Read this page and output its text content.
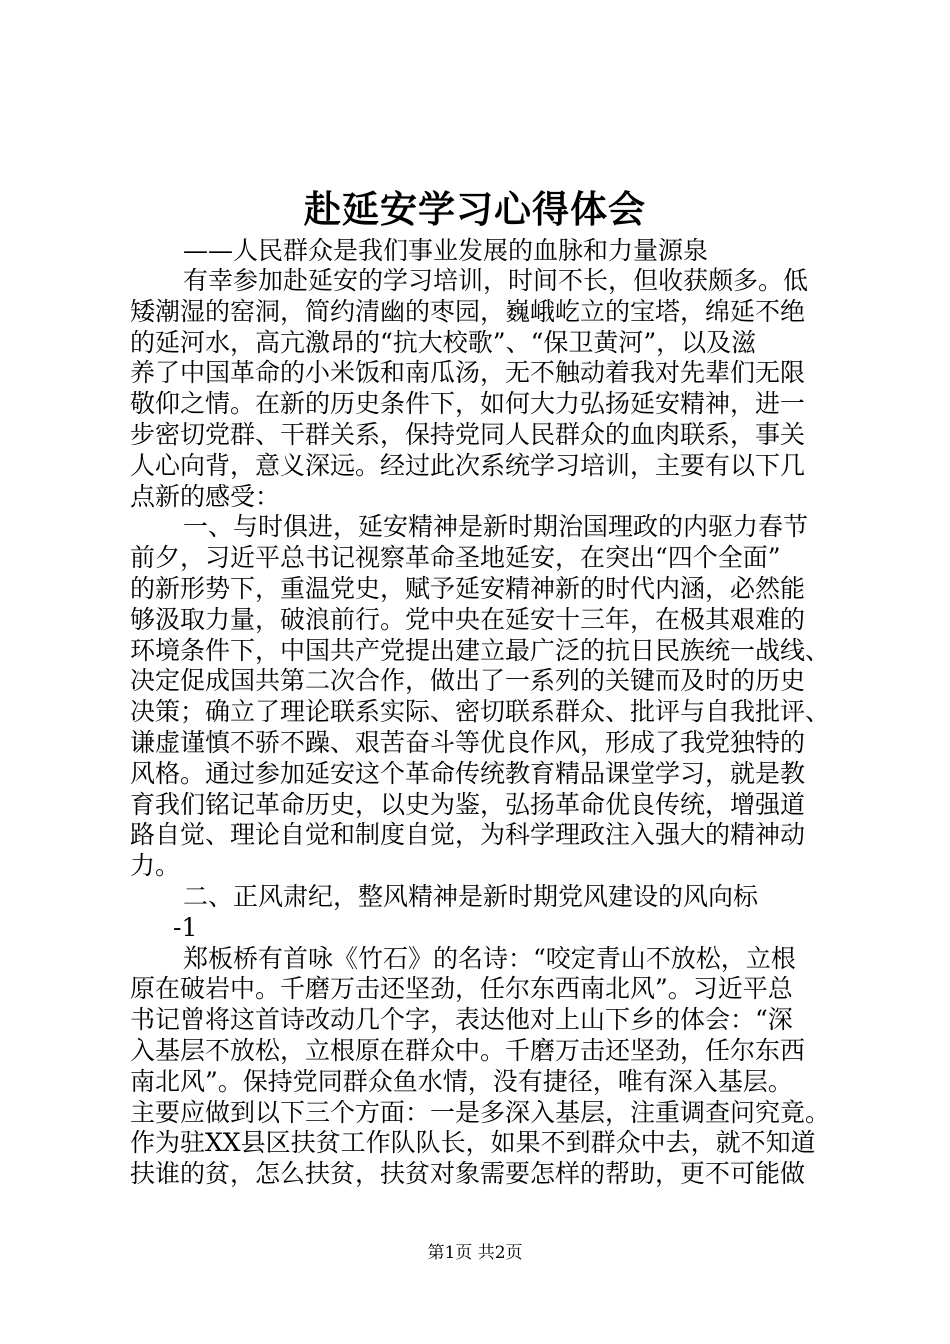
赴延安学习心得体会
——人民群众是我们事业发展的血脉和力量源泉
有幸参加赴延安的学习培训，时间不长，但收获颇多。低
矮潮湿的窑洞，简约清幽的枣园，巍峨屹立的宝塔，绵延不绝
的延河水，高亢激昂的“抗大校歌”、“保卫黄河”，以及滋
养了中国革命的小米饭和南瓜汤，无不触动着我对先辈们无限
敬仰之情。在新的历史条件下，如何大力弘扬延安精神，进一
步密切党群、干群关系，保持党同人民群众的血肉联系，事关
人心向背，意义深远。经过此次系统学习培训，主要有以下几
点新的感受：
一、与时俱进，延安精神是新时期治国理政的内驱力春节
前夕，习近平总书记视察革命圣地延安，在突出“四个全面”
的新形势下，重温党史，赋予延安精神新的时代内涵，必然能
够汲取力量，破浪前行。党中央在延安十三年，在极其艰难的
环境条件下，中国共产党提出建立最广泛的抗日民族统一战线、
决定促成国共第二次合作，做出了一系列的关键而及时的历史
决策；确立了理论联系实际、密切联系群众、批评与自我批评、
谦虚谨慎不骄不躁、艰苦奋斗等优良作风，形成了我党独特的
风格。通过参加延安这个革命传统教育精品课堂学习，就是教
育我们铭记革命历史，以史为鉴，弘扬革命优良传统，增强道
路自觉、理论自觉和制度自觉，为科学理政注入强大的精神动
力。
二、正风肃纪，整风精神是新时期党风建设的风向标
-1
郑板桥有首咏《竹石》的名诗：“咬定青山不放松，立根
原在破岩中。千磨万击还坚劲，任尔东西南北风”。习近平总
书记曾将这首诗改动几个字，表达他对上山下乡的体会：“深
入基层不放松，立根原在群众中。千磨万击还坚劲，任尔东西
南北风”。保持党同群众鱼水情，没有捷径，唯有深入基层。
主要应做到以下三个方面：一是多深入基层，注重调查问究竟。
作为驻XX县区扶贫工作队队长，如果不到群众中去，就不知道
扶谁的贫，怎么扶贫，扶贫对象需要怎样的帮助，更不可能做
第1页 共2页
